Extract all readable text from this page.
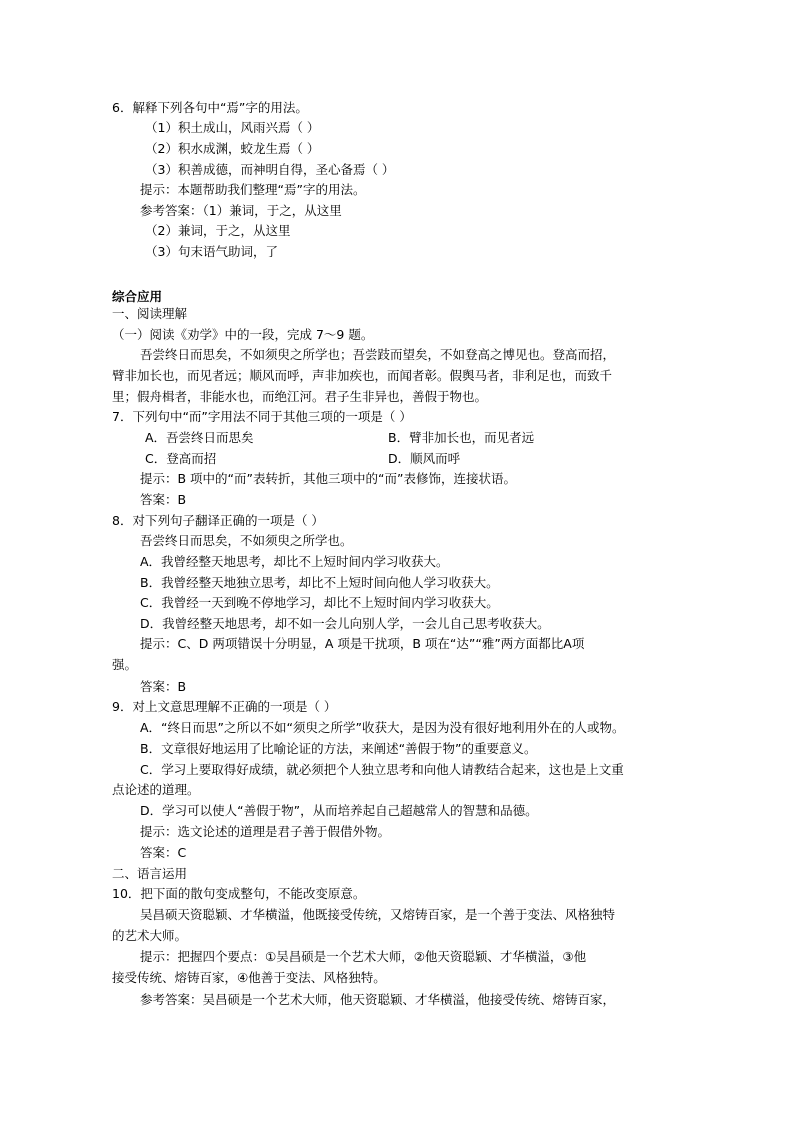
6．解释下列各句中“焉”字的用法。
（1）积土成山，风雨兴焉（ ）
（2）积水成渊，蛟龙生焉（ ）
（3）积善成德，而神明自得，圣心备焉（ ）
提示：本题帮助我们整理“焉”字的用法。
参考答案：（1）兼词，于之，从这里
（2）兼词，于之，从这里
（3）句末语气助词，了
综合应用
一、阅读理解
（一）阅读《劝学》中的一段，完成 7～9 题。
吾尝终日而思矣，不如须臾之所学也；吾尝跂而望矣，不如登高之博见也。登高而招，
臂非加长也，而见者远；顺风而呼，声非加疾也，而闻者彰。假舆马者，非利足也，而致千
里；假舟楫者，非能水也，而绝江河。君子生非异也，善假于物也。
7．下列句中“而”字用法不同于其他三项的一项是（ ）
A．吾尝终日而思矣	B．臂非加长也，而见者远
C．登高而招	D．顺风而呼
提示：B 项中的“而”表转折，其他三项中的“而”表修饰，连接状语。
答案：B
8．对下列句子翻译正确的一项是（ ）
吾尝终日而思矣，不如须臾之所学也。
A．我曾经整天地思考，却比不上短时间内学习收获大。
B．我曾经整天地独立思考，却比不上短时间向他人学习收获大。
C．我曾经一天到晚不停地学习，却比不上短时间内学习收获大。
D．我曾经整天地思考，却不如一会儿向别人学，一会儿自己思考收获大。
提示：C、D 两项错误十分明显，A 项是干扰项，B 项在“达”“雅”两方面都比A项
强。
答案：B
9．对上文意思理解不正确的一项是（ ）
A．“终日而思”之所以不如“须臾之所学”收获大，是因为没有很好地利用外在的人或物。
B．文章很好地运用了比喻论证的方法，来阐述“善假于物”的重要意义。
C．学习上要取得好成绩，就必须把个人独立思考和向他人请教结合起来，这也是上文重
点论述的道理。
D．学习可以使人“善假于物”，从而培养起自己超越常人的智慧和品德。
提示：选文论述的道理是君子善于假借外物。
答案：C
二、语言运用
10．把下面的散句变成整句，不能改变原意。
吴昌硕天资聪颖、才华横溢，他既接受传统，又熔铸百家，是一个善于变法、风格独特
的艺术大师。
提示：把握四个要点：①吴昌硕是一个艺术大师，②他天资聪颖、才华横溢，③他
接受传统、熔铸百家，④他善于变法、风格独特。
参考答案：吴昌硕是一个艺术大师，他天资聪颖、才华横溢，他接受传统、熔铸百家，
